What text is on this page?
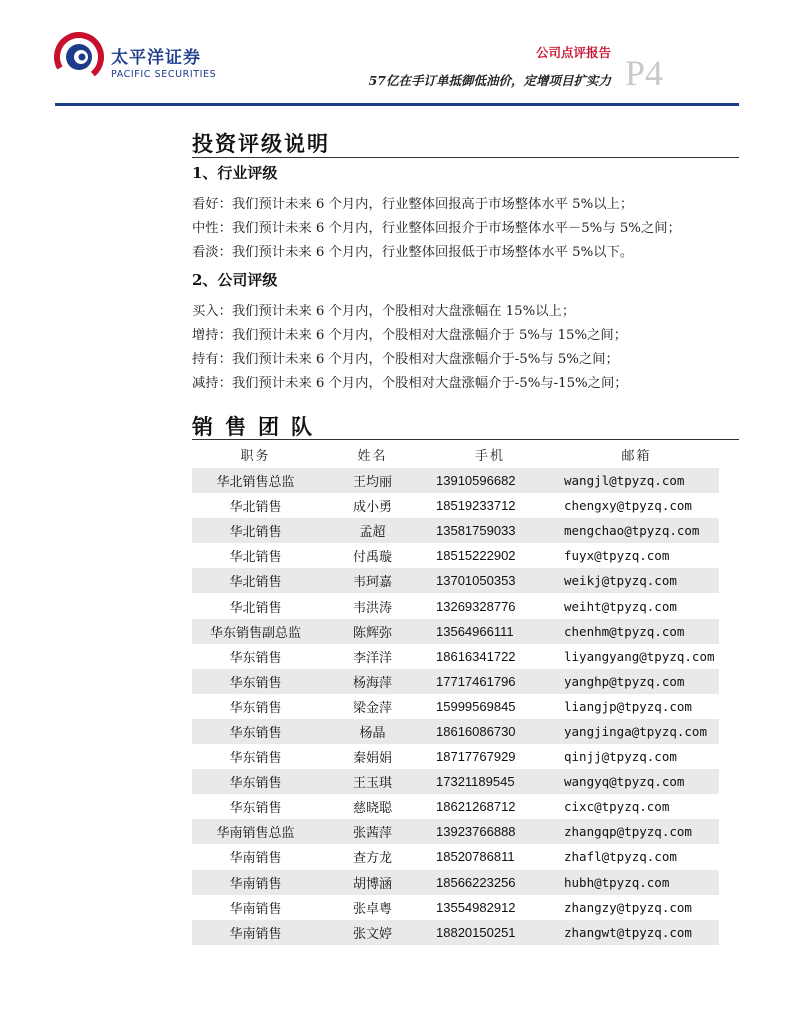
太平洋证券
PACIFIC SECURITIES
公司点评报告
57亿在手订单抵御低油价，定增项目扩实力 P4
投资评级说明
1、行业评级
看好：我们预计未来 6 个月内，行业整体回报高于市场整体水平 5%以上；
中性：我们预计未来 6 个月内，行业整体回报介于市场整体水平－5%与 5%之间；
看淡：我们预计未来 6 个月内，行业整体回报低于市场整体水平 5%以下。
2、公司评级
买入：我们预计未来 6 个月内，个股相对大盘涨幅在 15%以上；
增持：我们预计未来 6 个月内，个股相对大盘涨幅介于 5%与 15%之间；
持有：我们预计未来 6 个月内，个股相对大盘涨幅介于-5%与 5%之间；
减持：我们预计未来 6 个月内，个股相对大盘涨幅介于-5%与-15%之间；
销售团队
职务	姓名	手机	邮箱
华北销售总监	王均丽	13910596682	wangjl@tpyzq.com
华北销售	成小勇	18519233712	chengxy@tpyzq.com
华北销售	孟超	13581759033	mengchao@tpyzq.com
华北销售	付禹璇	18515222902	fuyx@tpyzq.com
华北销售	韦珂嘉	13701050353	weikj@tpyzq.com
华北销售	韦洪涛	13269328776	weiht@tpyzq.com
华东销售副总监	陈辉弥	13564966111	chenhm@tpyzq.com
华东销售	李洋洋	18616341722	liyangyang@tpyzq.com
华东销售	杨海萍	17717461796	yanghp@tpyzq.com
华东销售	梁金萍	15999569845	liangjp@tpyzq.com
华东销售	杨晶	18616086730	yangjinga@tpyzq.com
华东销售	秦娟娟	18717767929	qinjj@tpyzq.com
华东销售	王玉琪	17321189545	wangyq@tpyzq.com
华东销售	慈晓聪	18621268712	cixc@tpyzq.com
华南销售总监	张茜萍	13923766888	zhangqp@tpyzq.com
华南销售	查方龙	18520786811	zhafl@tpyzq.com
华南销售	胡博涵	18566223256	hubh@tpyzq.com
华南销售	张卓粤	13554982912	zhangzy@tpyzq.com
华南销售	张文婷	18820150251	zhangwt@tpyzq.com
